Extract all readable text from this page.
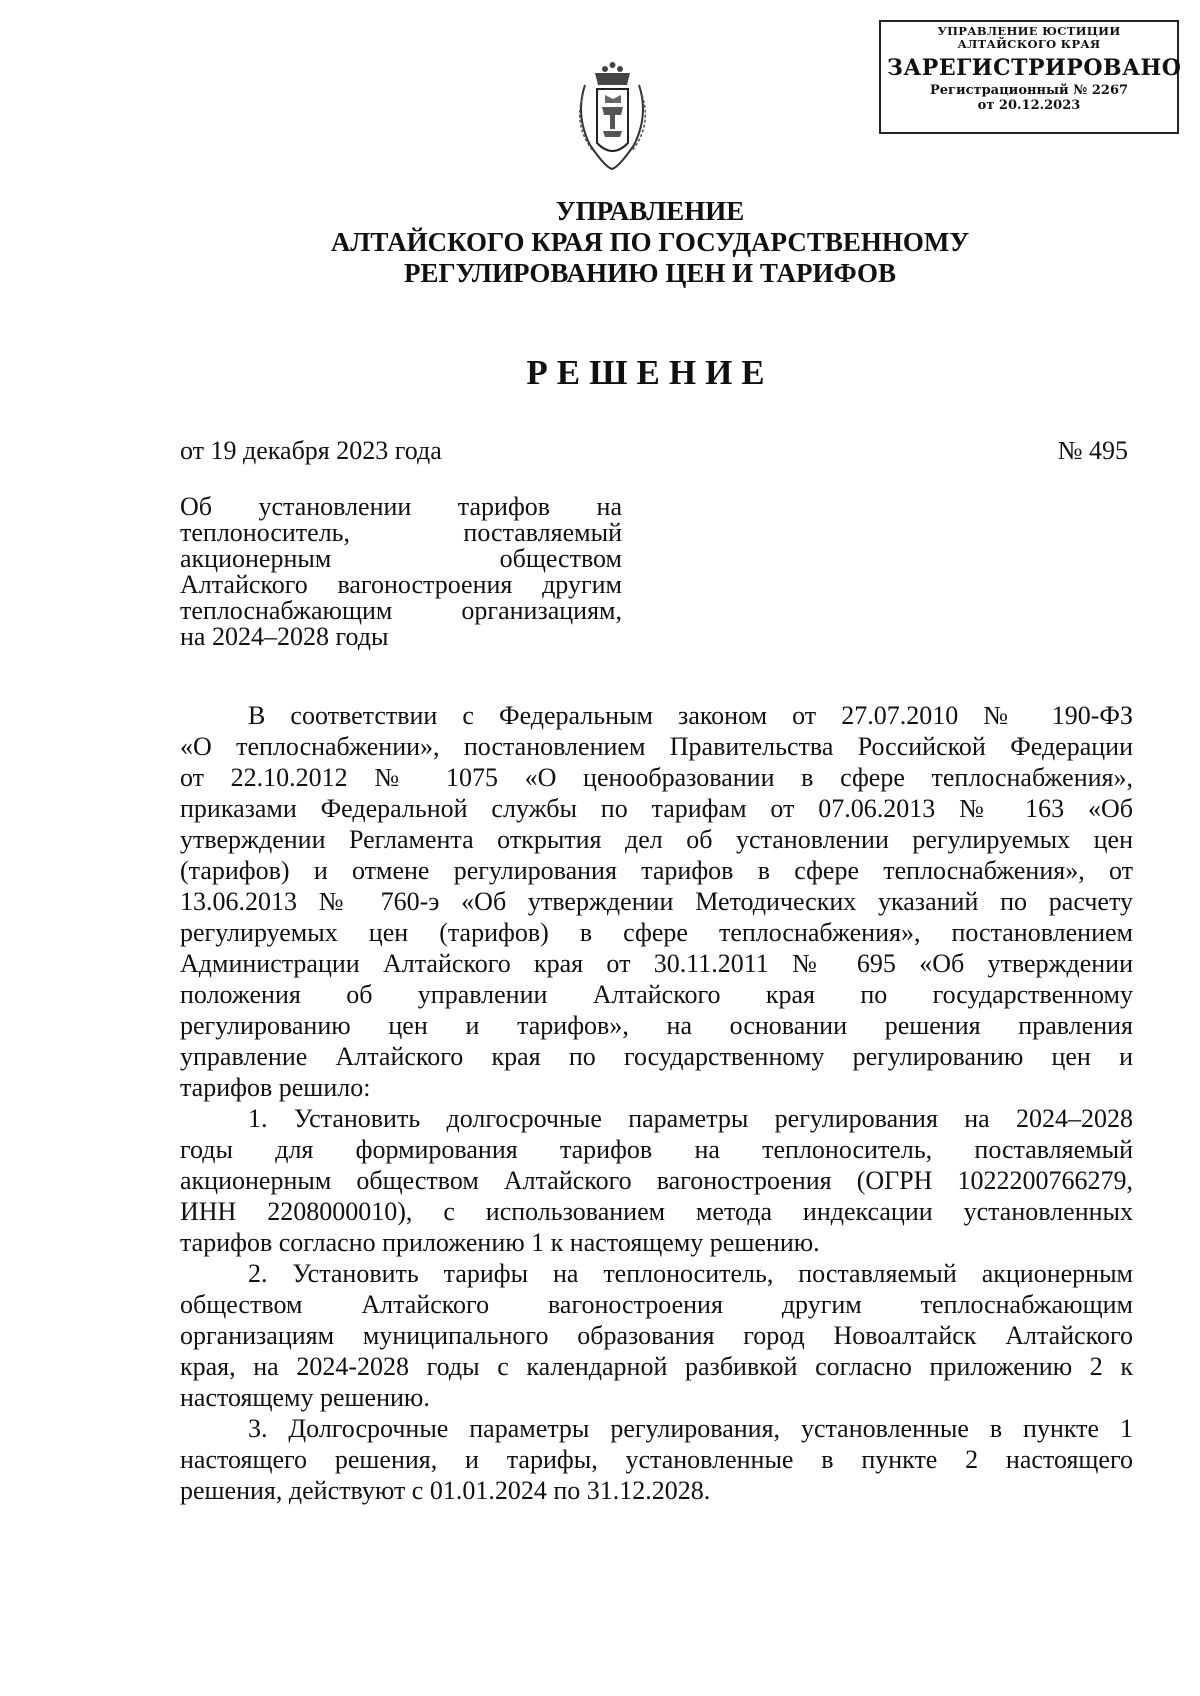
УПРАВЛЕНИЕ ЮСТИЦИИ
АЛТАЙСКОГО КРАЯ
ЗАРЕГИСТРИРОВАНО
Регистрационный № 2267
от 20.12.2023
УПРАВЛЕНИЕ
АЛТАЙСКОГО КРАЯ ПО ГОСУДАРСТВЕННОМУ
РЕГУЛИРОВАНИЮ ЦЕН И ТАРИФОВ
РЕШЕНИЕ
от 19 декабря 2023 года	№ 495
Об установлении тарифов на
теплоноситель, поставляемый
акционерным обществом
Алтайского вагоностроения другим
теплоснабжающим организациям,
на 2024–2028 годы
В соответствии с Федеральным законом от 27.07.2010 № 190-ФЗ
«О теплоснабжении», постановлением Правительства Российской Федерации
от 22.10.2012 № 1075 «О ценообразовании в сфере теплоснабжения»,
приказами Федеральной службы по тарифам от 07.06.2013 № 163 «Об
утверждении Регламента открытия дел об установлении регулируемых цен
(тарифов) и отмене регулирования тарифов в сфере теплоснабжения», от
13.06.2013 № 760-э «Об утверждении Методических указаний по расчету
регулируемых цен (тарифов) в сфере теплоснабжения», постановлением
Администрации Алтайского края от 30.11.2011 № 695 «Об утверждении
положения об управлении Алтайского края по государственному
регулированию цен и тарифов», на основании решения правления
управление Алтайского края по государственному регулированию цен и
тарифов решило:
1. Установить долгосрочные параметры регулирования на 2024–2028
годы для формирования тарифов на теплоноситель, поставляемый
акционерным обществом Алтайского вагоностроения (ОГРН 1022200766279,
ИНН 2208000010), с использованием метода индексации установленных
тарифов согласно приложению 1 к настоящему решению.
2. Установить тарифы на теплоноситель, поставляемый акционерным
обществом Алтайского вагоностроения другим теплоснабжающим
организациям муниципального образования город Новоалтайск Алтайского
края, на 2024-2028 годы с календарной разбивкой согласно приложению 2 к
настоящему решению.
3. Долгосрочные параметры регулирования, установленные в пункте 1
настоящего решения, и тарифы, установленные в пункте 2 настоящего
решения, действуют с 01.01.2024 по 31.12.2028.
